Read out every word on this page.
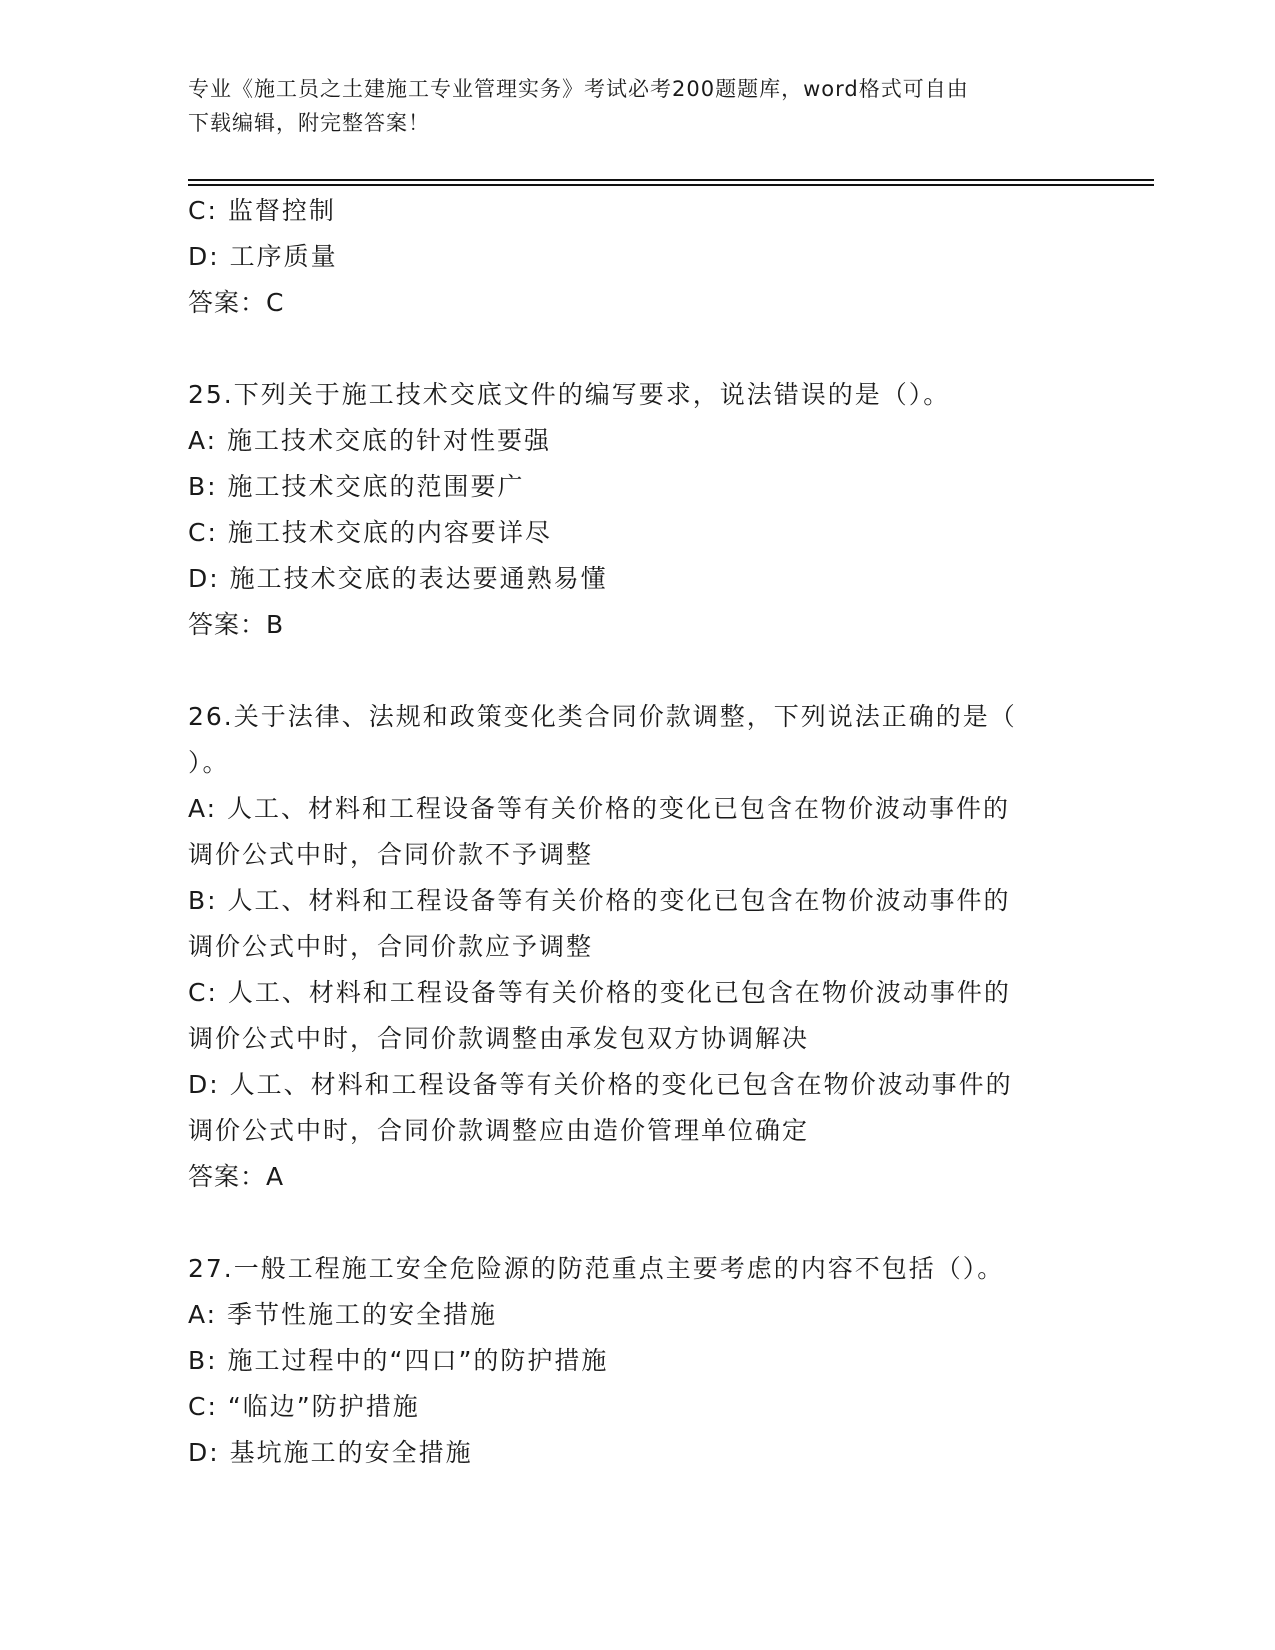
专业《施工员之土建施工专业管理实务》考试必考200题题库，word格式可自由
下载编辑，附完整答案！
C: 监督控制
D: 工序质量
答案：C
25.下列关于施工技术交底文件的编写要求，说法错误的是（）。
A: 施工技术交底的针对性要强
B: 施工技术交底的范围要广
C: 施工技术交底的内容要详尽
D: 施工技术交底的表达要通熟易懂
答案：B
26.关于法律、法规和政策变化类合同价款调整，下列说法正确的是（
）。
A: 人工、材料和工程设备等有关价格的变化已包含在物价波动事件的
调价公式中时，合同价款不予调整
B: 人工、材料和工程设备等有关价格的变化已包含在物价波动事件的
调价公式中时，合同价款应予调整
C: 人工、材料和工程设备等有关价格的变化已包含在物价波动事件的
调价公式中时，合同价款调整由承发包双方协调解决
D: 人工、材料和工程设备等有关价格的变化已包含在物价波动事件的
调价公式中时，合同价款调整应由造价管理单位确定
答案：A
27.一般工程施工安全危险源的防范重点主要考虑的内容不包括（）。
A: 季节性施工的安全措施
B: 施工过程中的“四口”的防护措施
C: “临边”防护措施
D: 基坑施工的安全措施
